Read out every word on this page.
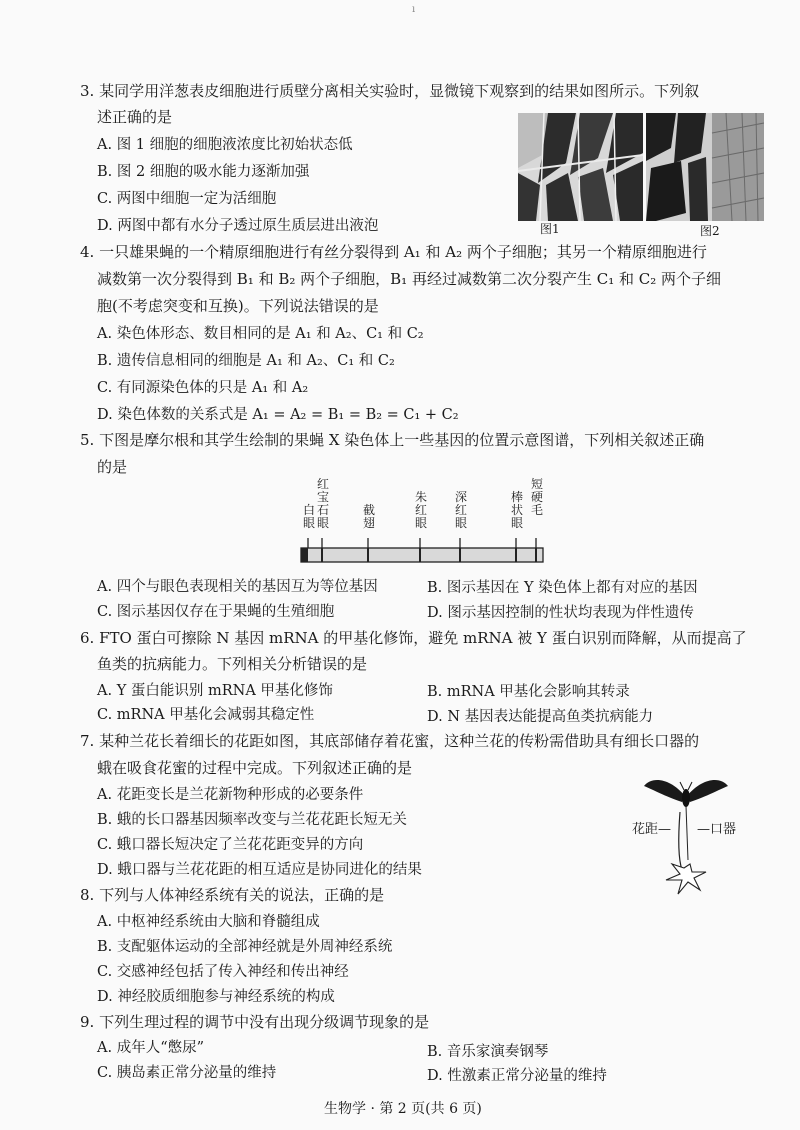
ı
3. 某同学用洋葱表皮细胞进行质壁分离相关实验时，显微镜下观察到的结果如图所示。下列叙
述正确的是
A. 图 1 细胞的细胞液浓度比初始状态低
B. 图 2 细胞的吸水能力逐渐加强
C. 两图中细胞一定为活细胞
D. 两图中都有水分子透过原生质层进出液泡	图1	图2
4. 一只雄果蝇的一个精原细胞进行有丝分裂得到 A₁ 和 A₂ 两个子细胞；其另一个精原细胞进行
减数第一次分裂得到 B₁ 和 B₂ 两个子细胞，B₁ 再经过减数第二次分裂产生 C₁ 和 C₂ 两个子细
胞(不考虑突变和互换)。下列说法错误的是
A. 染色体形态、数目相同的是 A₁ 和 A₂、C₁ 和 C₂
B. 遗传信息相同的细胞是 A₁ 和 A₂、C₁ 和 C₂
C. 有同源染色体的只是 A₁ 和 A₂
D. 染色体数的关系式是 A₁ = A₂ = B₁ = B₂ = C₁ + C₂
5. 下图是摩尔根和其学生绘制的果蝇 X 染色体上一些基因的位置示意图谱，下列相关叙述正确
的是
白眼
红宝石眼
截翅
朱红眼
深红眼
棒状眼
短硬毛
A. 四个与眼色表现相关的基因互为等位基因	B. 图示基因在 Y 染色体上都有对应的基因
C. 图示基因仅存在于果蝇的生殖细胞	D. 图示基因控制的性状均表现为伴性遗传
6. FTO 蛋白可擦除 N 基因 mRNA 的甲基化修饰，避免 mRNA 被 Y 蛋白识别而降解，从而提高了
鱼类的抗病能力。下列相关分析错误的是
A. Y 蛋白能识别 mRNA 甲基化修饰	B. mRNA 甲基化会影响其转录
C. mRNA 甲基化会减弱其稳定性	D. N 基因表达能提高鱼类抗病能力
7. 某种兰花长着细长的花距如图，其底部储存着花蜜，这种兰花的传粉需借助具有细长口器的
蛾在吸食花蜜的过程中完成。下列叙述正确的是
A. 花距变长是兰花新物种形成的必要条件
B. 蛾的长口器基因频率改变与兰花花距长短无关
C. 蛾口器长短决定了兰花花距变异的方向
D. 蛾口器与兰花花距的相互适应是协同进化的结果
花距— —口器
8. 下列与人体神经系统有关的说法，正确的是
A. 中枢神经系统由大脑和脊髓组成
B. 支配躯体运动的全部神经就是外周神经系统
C. 交感神经包括了传入神经和传出神经
D. 神经胶质细胞参与神经系统的构成
9. 下列生理过程的调节中没有出现分级调节现象的是
A. 成年人“憋尿”	B. 音乐家演奏钢琴
C. 胰岛素正常分泌量的维持	D. 性激素正常分泌量的维持
生物学 · 第 2 页(共 6 页)
